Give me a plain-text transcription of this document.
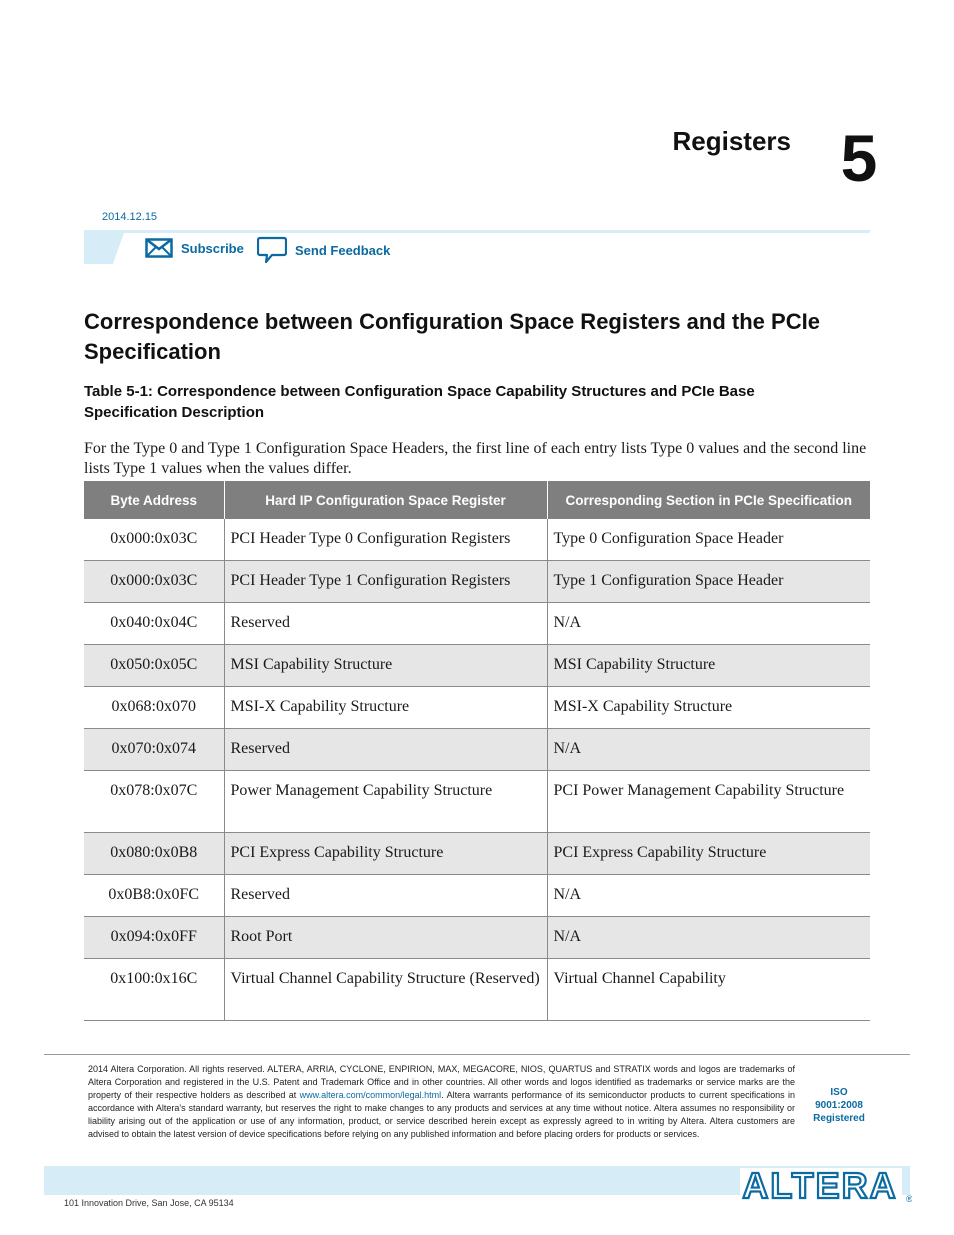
Registers 5
2014.12.15
Subscribe	Send Feedback
Correspondence between Configuration Space Registers and the PCIe Specification
Table 5-1: Correspondence between Configuration Space Capability Structures and PCIe Base Specification Description

For the Type 0 and Type 1 Configuration Space Headers, the first line of each entry lists Type 0 values and the second line lists Type 1 values when the values differ.

Byte Address	Hard IP Configuration Space Register	Corresponding Section in PCIe Specification
0x000:0x03C	PCI Header Type 0 Configuration Registers	Type 0 Configuration Space Header
0x000:0x03C	PCI Header Type 1 Configuration Registers	Type 1 Configuration Space Header
0x040:0x04C	Reserved	N/A
0x050:0x05C	MSI Capability Structure	MSI Capability Structure
0x068:0x070	MSI-X Capability Structure	MSI-X Capability Structure
0x070:0x074	Reserved	N/A
0x078:0x07C	Power Management Capability Structure	PCI Power Management Capability Structure
0x080:0x0B8	PCI Express Capability Structure	PCI Express Capability Structure
0x0B8:0x0FC	Reserved	N/A
0x094:0x0FF	Root Port	N/A
0x100:0x16C	Virtual Channel Capability Structure (Reserved)	Virtual Channel Capability

2014 Altera Corporation. All rights reserved. ALTERA, ARRIA, CYCLONE, ENPIRION, MAX, MEGACORE, NIOS, QUARTUS and STRATIX words and logos are trademarks of Altera Corporation and registered in the U.S. Patent and Trademark Office and in other countries. All other words and logos identified as trademarks or service marks are the property of their respective holders as described at www.altera.com/common/legal.html. Altera warrants performance of its semiconductor products to current specifications in accordance with Altera's standard warranty, but reserves the right to make changes to any products and services at any time without notice. Altera assumes no responsibility or liability arising out of the application or use of any information, product, or service described herein except as expressly agreed to in writing by Altera. Altera customers are advised to obtain the latest version of device specifications before relying on any published information and before placing orders for products or services.

ISO
9001:2008
Registered
ALTERA ®
101 Innovation Drive, San Jose, CA 95134
